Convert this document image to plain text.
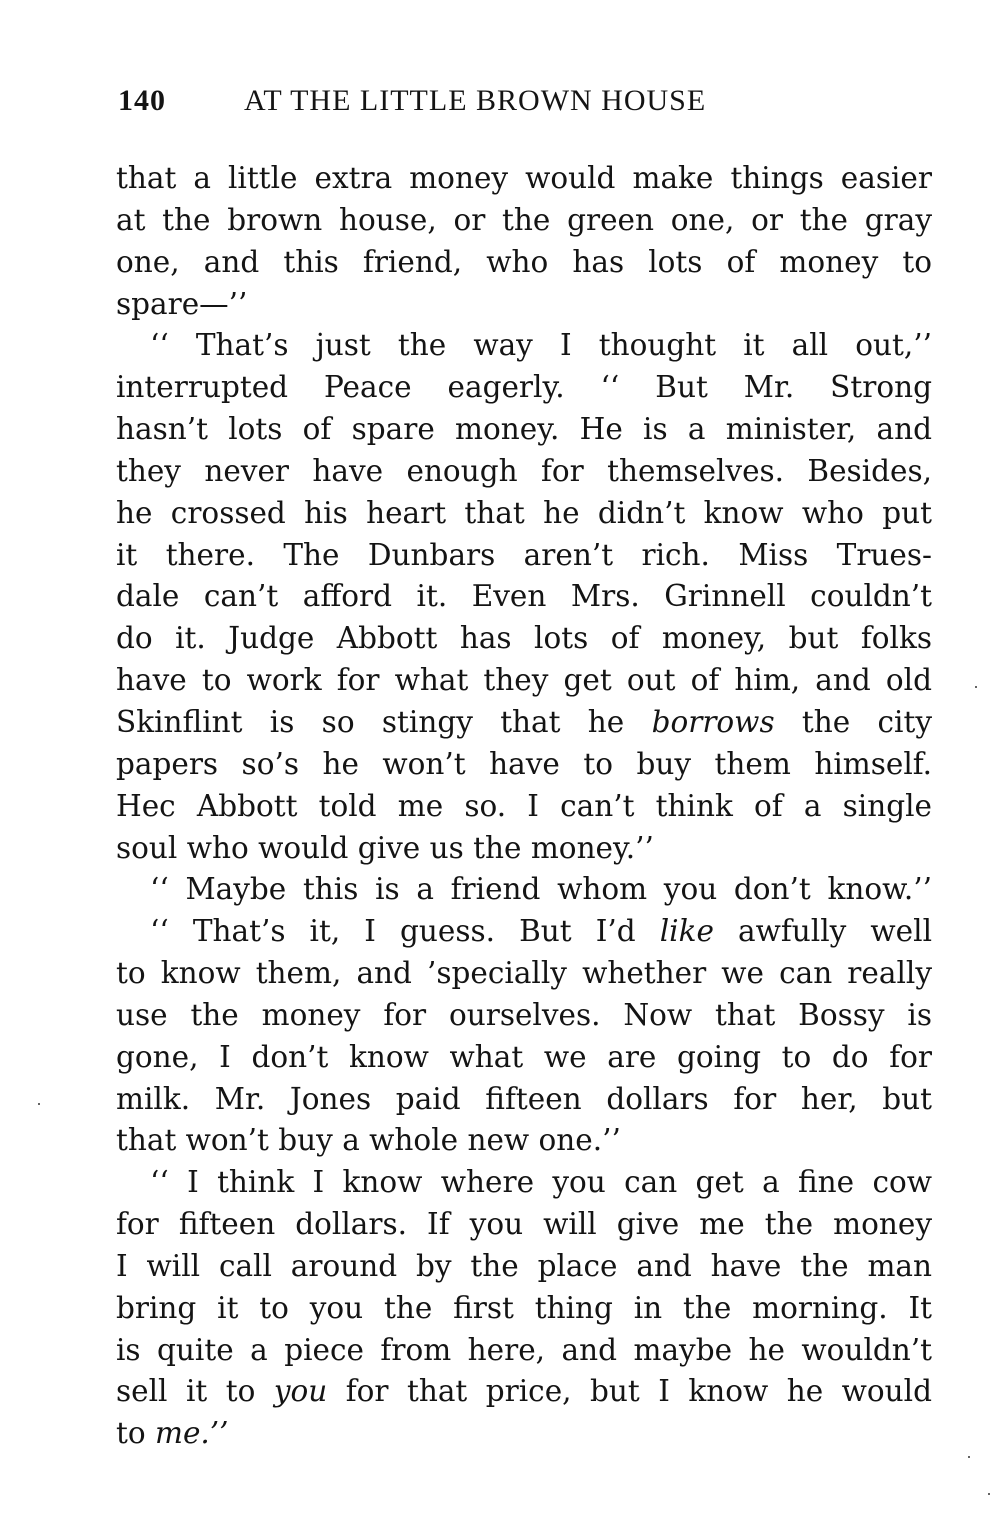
140	AT THE LITTLE BROWN HOUSE
that a little extra money would make things easier
at the brown house, or the green one, or the gray
one, and this friend, who has lots of money to
spare—’’
‘‘ That’s just the way I thought it all out,’’
interrupted Peace eagerly. ‘‘ But Mr. Strong
hasn’t lots of spare money. He is a minister, and
they never have enough for themselves. Besides,
he crossed his heart that he didn’t know who put
it there. The Dunbars aren’t rich. Miss Trues-
dale can’t afford it. Even Mrs. Grinnell couldn’t
do it. Judge Abbott has lots of money, but folks
have to work for what they get out of him, and old
Skinflint is so stingy that he borrows the city
papers so’s he won’t have to buy them himself.
Hec Abbott told me so. I can’t think of a single
soul who would give us the money.’’
‘‘ Maybe this is a friend whom you don’t know.’’
‘‘ That’s it, I guess. But I’d like awfully well
to know them, and ’specially whether we can really
use the money for ourselves. Now that Bossy is
gone, I don’t know what we are going to do for
milk. Mr. Jones paid fifteen dollars for her, but
that won’t buy a whole new one.’’
‘‘ I think I know where you can get a fine cow
for fifteen dollars. If you will give me the money
I will call around by the place and have the man
bring it to you the first thing in the morning. It
is quite a piece from here, and maybe he wouldn’t
sell it to you for that price, but I know he would
to me.’’
